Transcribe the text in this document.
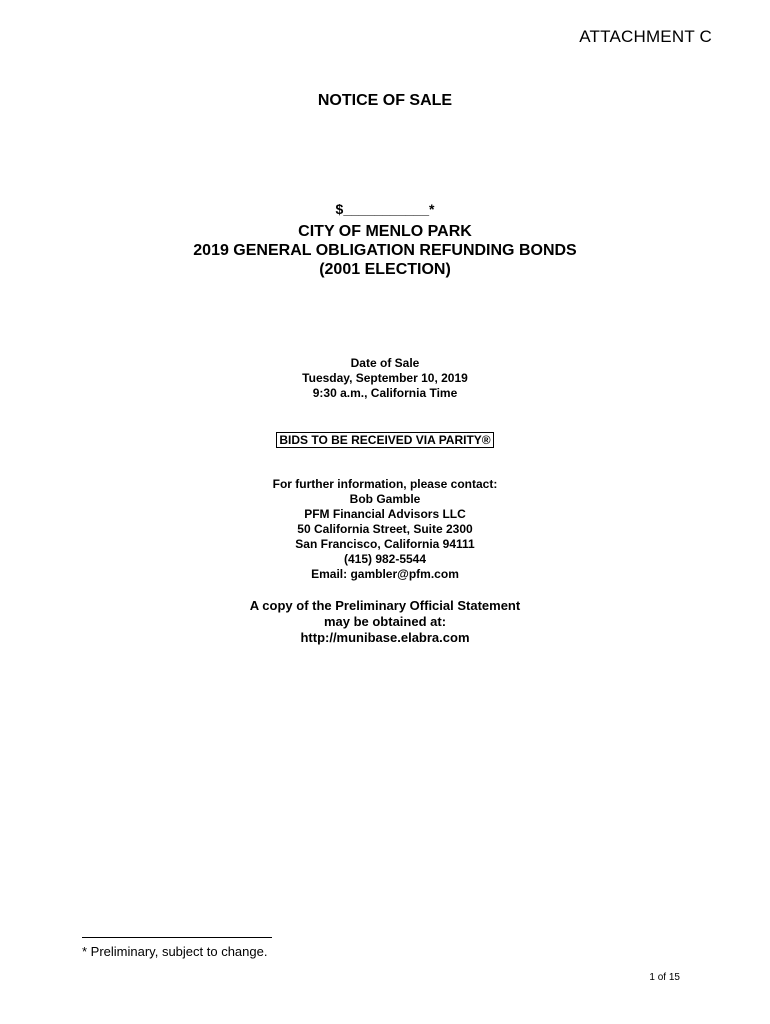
ATTACHMENT C
NOTICE OF SALE
$___________*
CITY OF MENLO PARK
2019 GENERAL OBLIGATION REFUNDING BONDS
(2001 ELECTION)
Date of Sale
Tuesday, September 10, 2019
9:30 a.m., California Time
BIDS TO BE RECEIVED VIA PARITY®
For further information, please contact:
Bob Gamble
PFM Financial Advisors LLC
50 California Street, Suite 2300
San Francisco, California 94111
(415) 982-5544
Email: gambler@pfm.com
A copy of the Preliminary Official Statement
may be obtained at:
http://munibase.elabra.com
* Preliminary, subject to change.
1 of 15
